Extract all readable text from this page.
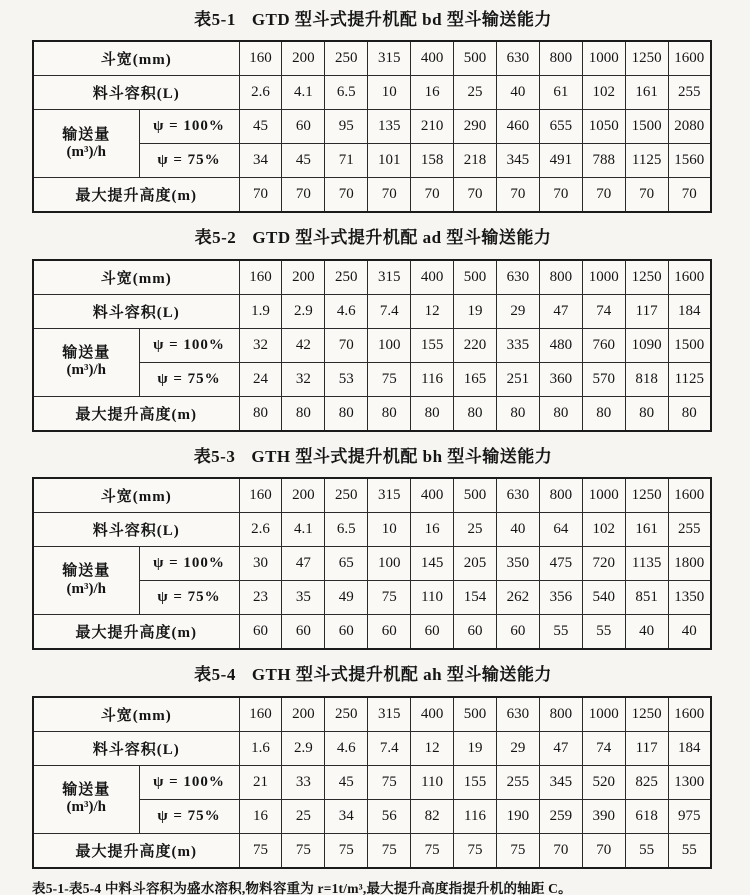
表5-1 GTD 型斗式提升机配 bd 型斗输送能力
斗宽(mm)		160	200	250	315	400	500	630	800	1000	1250	1600
料斗容积(L)		2.6	4.1	6.5	10	16	25	40	61	102	161	255

输送量
(m³)/h	ψ = 100%	45	60	95	135	210	290	460	655	1050	1500	2080
	ψ = 75%	34	45	71	101	158	218	345	491	788	1125	1560
最大提升高度(m)		70	70	70	70	70	70	70	70	70	70	70
表5-2 GTD 型斗式提升机配 ad 型斗输送能力
斗宽(mm)		160	200	250	315	400	500	630	800	1000	1250	1600
料斗容积(L)		1.9	2.9	4.6	7.4	12	19	29	47	74	117	184

输送量
(m³)/h	ψ = 100%	32	42	70	100	155	220	335	480	760	1090	1500
	ψ = 75%	24	32	53	75	116	165	251	360	570	818	1125
最大提升高度(m)		80	80	80	80	80	80	80	80	80	80	80
表5-3 GTH 型斗式提升机配 bh 型斗输送能力
斗宽(mm)		160	200	250	315	400	500	630	800	1000	1250	1600
料斗容积(L)		2.6	4.1	6.5	10	16	25	40	64	102	161	255

输送量
(m³)/h	ψ = 100%	30	47	65	100	145	205	350	475	720	1135	1800
	ψ = 75%	23	35	49	75	110	154	262	356	540	851	1350
最大提升高度(m)		60	60	60	60	60	60	60	55	55	40	40
表5-4 GTH 型斗式提升机配 ah 型斗输送能力
斗宽(mm)		160	200	250	315	400	500	630	800	1000	1250	1600
料斗容积(L)		1.6	2.9	4.6	7.4	12	19	29	47	74	117	184

输送量
(m³)/h	ψ = 100%	21	33	45	75	110	155	255	345	520	825	1300
	ψ = 75%	16	25	34	56	82	116	190	259	390	618	975
最大提升高度(m)		75	75	75	75	75	75	75	70	70	55	55

表5-1-表5-4 中料斗容积为盛水溶积,物料容重为 r=1t/m³,最大提升高度指提升机的轴距 C。
